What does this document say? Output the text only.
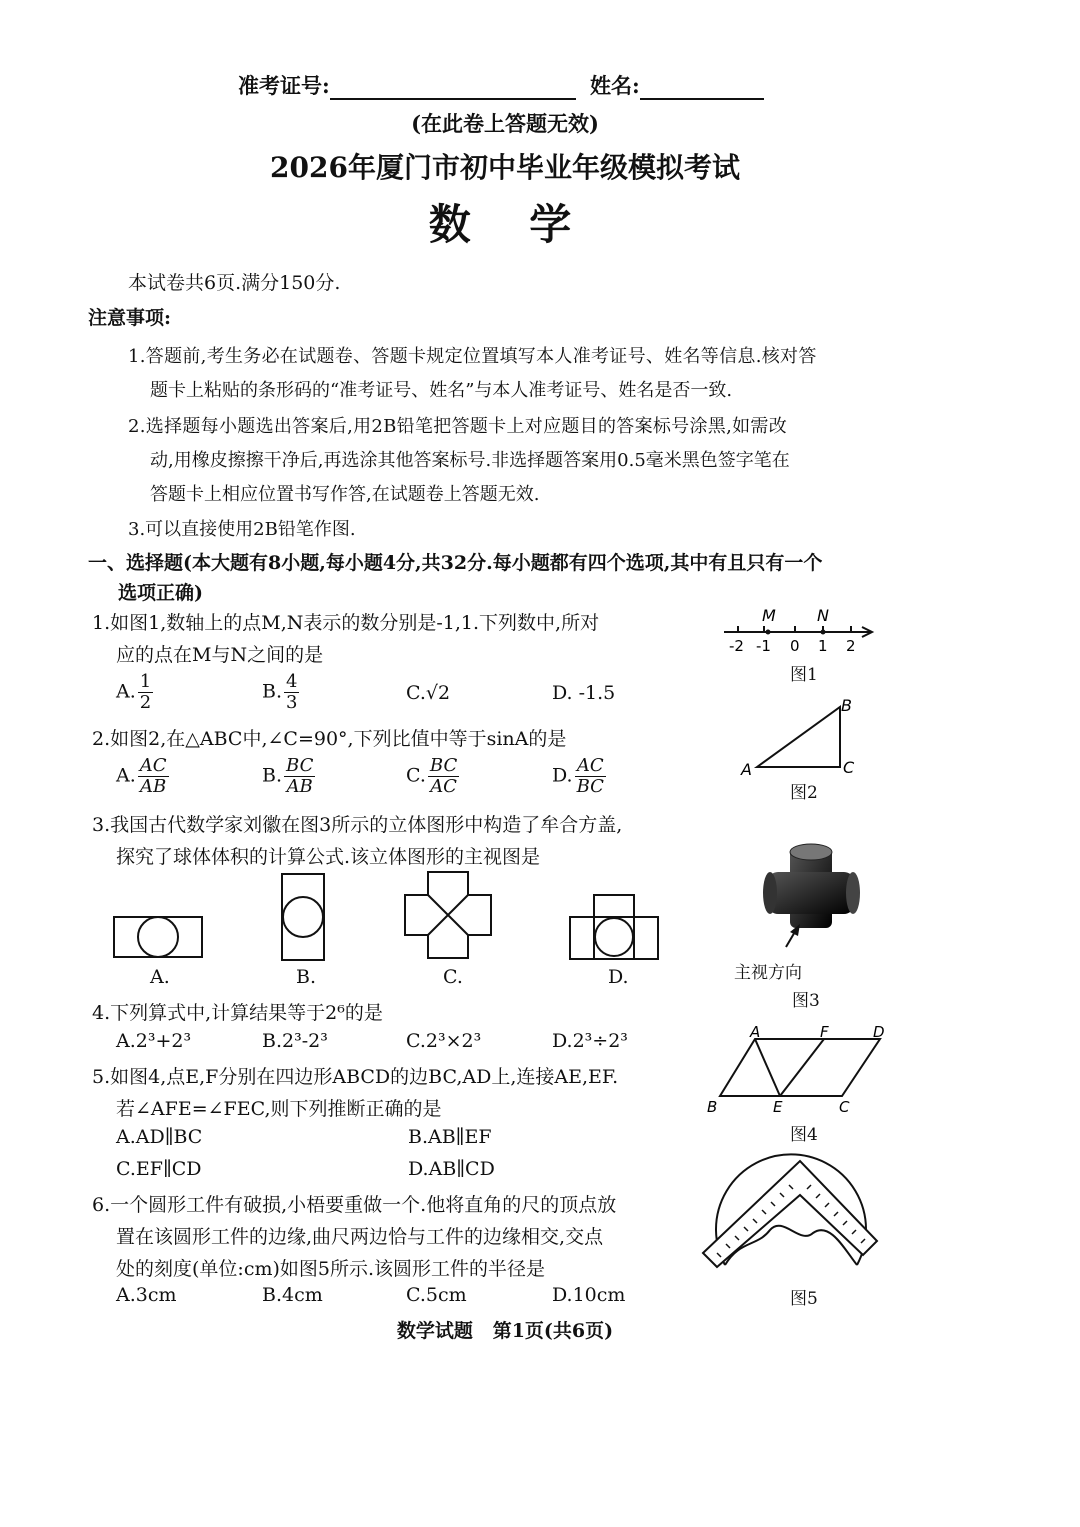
准考证号:	姓名:
(在此卷上答题无效)
2026年厦门市初中毕业年级模拟考试
数    学
本试卷共6页.满分150分.
注意事项:
1.答题前,考生务必在试题卷、答题卡规定位置填写本人准考证号、姓名等信息.核对答
题卡上粘贴的条形码的“准考证号、姓名”与本人准考证号、姓名是否一致.
2.选择题每小题选出答案后,用2B铅笔把答题卡上对应题目的答案标号涂黑,如需改
动,用橡皮擦擦干净后,再选涂其他答案标号.非选择题答案用0.5毫米黑色签字笔在
答题卡上相应位置书写作答,在试题卷上答题无效.
3.可以直接使用2B铅笔作图.
一、选择题(本大题有8小题,每小题4分,共32分.每小题都有四个选项,其中有且只有一个
选项正确)
1.如图1,数轴上的点M,N表示的数分别是-1,1.下列数中,所对
应的点在M与N之间的是
A. $\frac{1}{2}$	B. $\frac{4}{3}$	C.√2	D. -1.5
M	N
-2 -1 0 1 2
图1
2.如图2,在△ABC中,∠C=90°,下列比值中等于sinA的是
A. $\frac{AC}{AB}$	B. $\frac{BC}{AB}$	C. $\frac{BC}{AC}$	D. $\frac{AC}{BC}$	A
B
C
图2
3.我国古代数学家刘徽在图3所示的立体图形中构造了牟合方盖,
探究了球体体积的计算公式.该立体图形的主视图是
A.	B.	C.	D.	主视方向
图3
4.下列算式中,计算结果等于2⁶的是
A.2³+2³	B.2³-2³	C.2³×2³	D.2³÷2³
5.如图4,点E,F分别在四边形ABCD的边BC,AD上,连接AE,EF.
若∠AFE=∠FEC,则下列推断正确的是
A.AD∥BC	B.AB∥EF
C.EF∥CD	D.AB∥CD
A	F	D
B	E	C
图4
6.一个圆形工件有破损,小梧要重做一个.他将直角的尺的顶点放
置在该圆形工件的边缘,曲尺两边恰与工件的边缘相交,交点
处的刻度(单位:cm)如图5所示.该圆形工件的半径是
A.3cm	B.4cm	C.5cm	D.10cm	图5
数学试题   第1页(共6页)
